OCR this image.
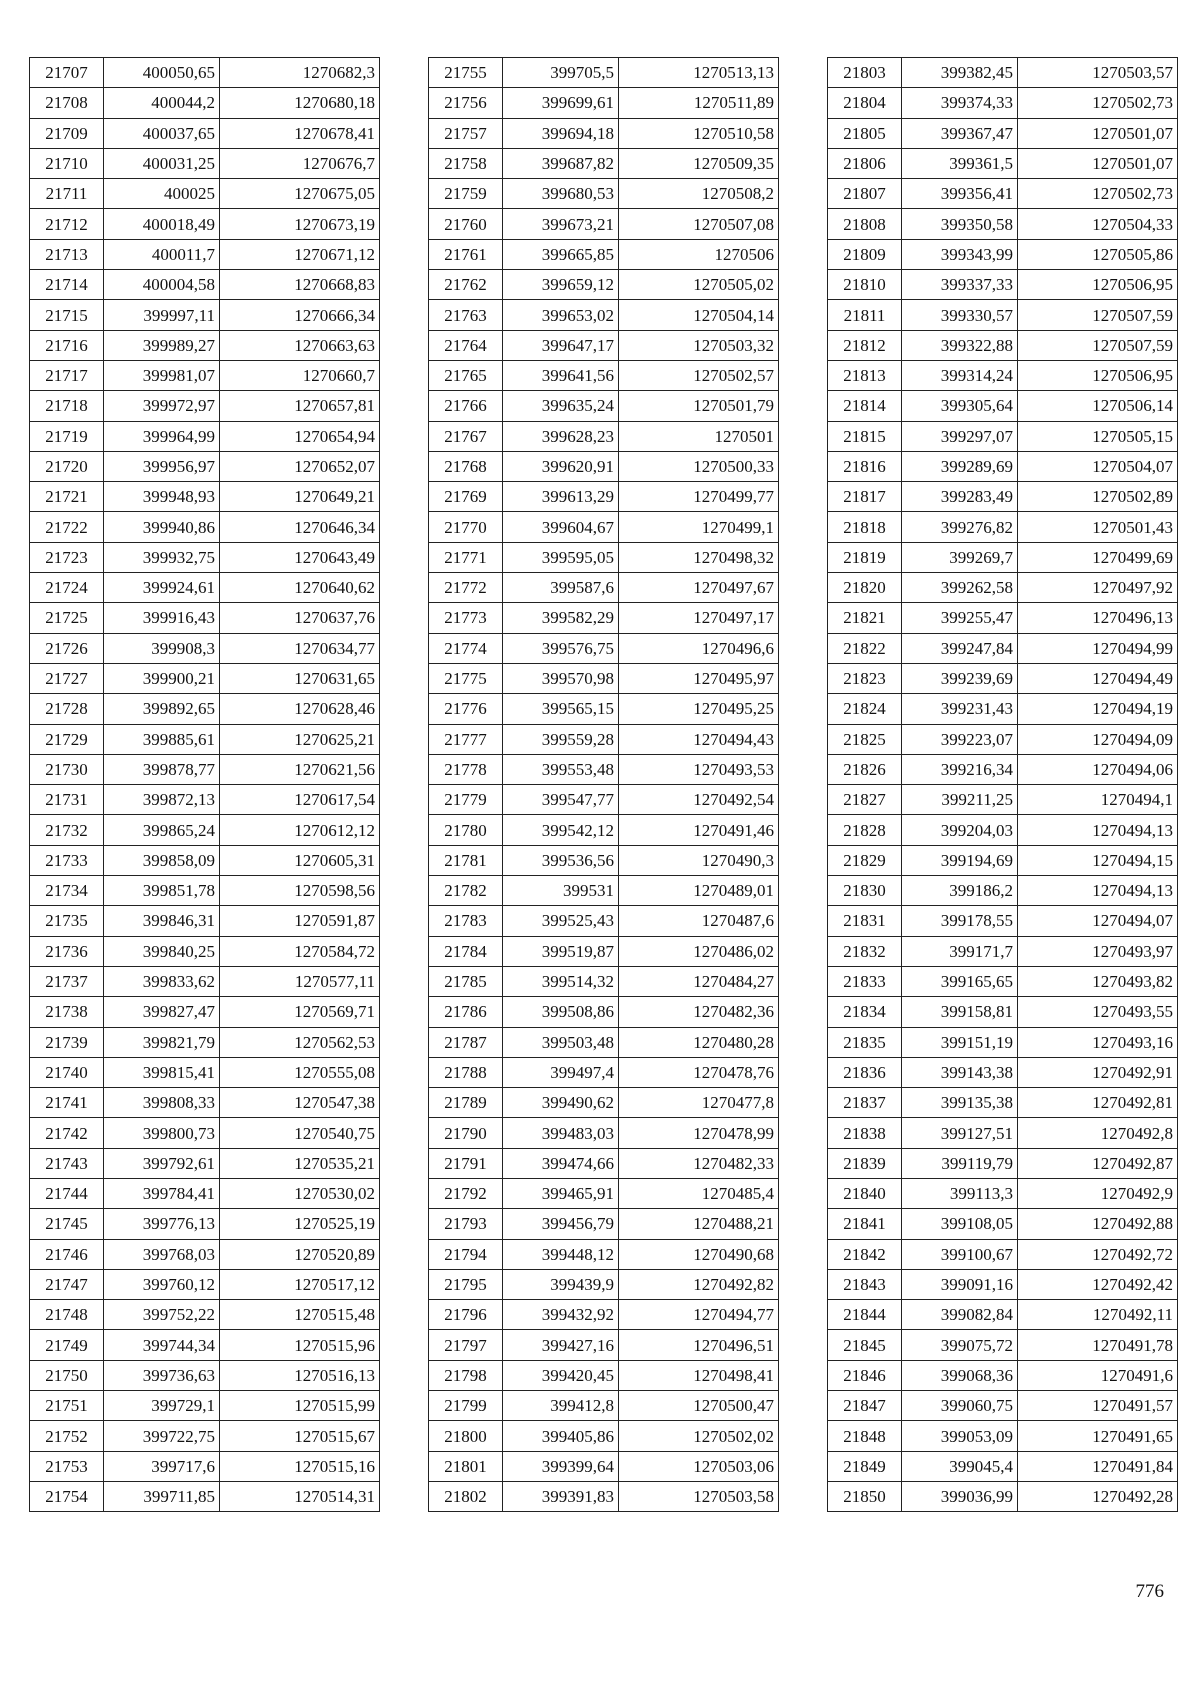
21707	400050,65	1270682,3
21708	400044,2	1270680,18
21709	400037,65	1270678,41
21710	400031,25	1270676,7
21711	400025	1270675,05
21712	400018,49	1270673,19
21713	400011,7	1270671,12
21714	400004,58	1270668,83
21715	399997,11	1270666,34
21716	399989,27	1270663,63
21717	399981,07	1270660,7
21718	399972,97	1270657,81
21719	399964,99	1270654,94
21720	399956,97	1270652,07
21721	399948,93	1270649,21
21722	399940,86	1270646,34
21723	399932,75	1270643,49
21724	399924,61	1270640,62
21725	399916,43	1270637,76
21726	399908,3	1270634,77
21727	399900,21	1270631,65
21728	399892,65	1270628,46
21729	399885,61	1270625,21
21730	399878,77	1270621,56
21731	399872,13	1270617,54
21732	399865,24	1270612,12
21733	399858,09	1270605,31
21734	399851,78	1270598,56
21735	399846,31	1270591,87
21736	399840,25	1270584,72
21737	399833,62	1270577,11
21738	399827,47	1270569,71
21739	399821,79	1270562,53
21740	399815,41	1270555,08
21741	399808,33	1270547,38
21742	399800,73	1270540,75
21743	399792,61	1270535,21
21744	399784,41	1270530,02
21745	399776,13	1270525,19
21746	399768,03	1270520,89
21747	399760,12	1270517,12
21748	399752,22	1270515,48
21749	399744,34	1270515,96
21750	399736,63	1270516,13
21751	399729,1	1270515,99
21752	399722,75	1270515,67
21753	399717,6	1270515,16
21754	399711,85	1270514,31
21755	399705,5	1270513,13
21756	399699,61	1270511,89
21757	399694,18	1270510,58
21758	399687,82	1270509,35
21759	399680,53	1270508,2
21760	399673,21	1270507,08
21761	399665,85	1270506
21762	399659,12	1270505,02
21763	399653,02	1270504,14
21764	399647,17	1270503,32
21765	399641,56	1270502,57
21766	399635,24	1270501,79
21767	399628,23	1270501
21768	399620,91	1270500,33
21769	399613,29	1270499,77
21770	399604,67	1270499,1
21771	399595,05	1270498,32
21772	399587,6	1270497,67
21773	399582,29	1270497,17
21774	399576,75	1270496,6
21775	399570,98	1270495,97
21776	399565,15	1270495,25
21777	399559,28	1270494,43
21778	399553,48	1270493,53
21779	399547,77	1270492,54
21780	399542,12	1270491,46
21781	399536,56	1270490,3
21782	399531	1270489,01
21783	399525,43	1270487,6
21784	399519,87	1270486,02
21785	399514,32	1270484,27
21786	399508,86	1270482,36
21787	399503,48	1270480,28
21788	399497,4	1270478,76
21789	399490,62	1270477,8
21790	399483,03	1270478,99
21791	399474,66	1270482,33
21792	399465,91	1270485,4
21793	399456,79	1270488,21
21794	399448,12	1270490,68
21795	399439,9	1270492,82
21796	399432,92	1270494,77
21797	399427,16	1270496,51
21798	399420,45	1270498,41
21799	399412,8	1270500,47
21800	399405,86	1270502,02
21801	399399,64	1270503,06
21802	399391,83	1270503,58
21803	399382,45	1270503,57
21804	399374,33	1270502,73
21805	399367,47	1270501,07
21806	399361,5	1270501,07
21807	399356,41	1270502,73
21808	399350,58	1270504,33
21809	399343,99	1270505,86
21810	399337,33	1270506,95
21811	399330,57	1270507,59
21812	399322,88	1270507,59
21813	399314,24	1270506,95
21814	399305,64	1270506,14
21815	399297,07	1270505,15
21816	399289,69	1270504,07
21817	399283,49	1270502,89
21818	399276,82	1270501,43
21819	399269,7	1270499,69
21820	399262,58	1270497,92
21821	399255,47	1270496,13
21822	399247,84	1270494,99
21823	399239,69	1270494,49
21824	399231,43	1270494,19
21825	399223,07	1270494,09
21826	399216,34	1270494,06
21827	399211,25	1270494,1
21828	399204,03	1270494,13
21829	399194,69	1270494,15
21830	399186,2	1270494,13
21831	399178,55	1270494,07
21832	399171,7	1270493,97
21833	399165,65	1270493,82
21834	399158,81	1270493,55
21835	399151,19	1270493,16
21836	399143,38	1270492,91
21837	399135,38	1270492,81
21838	399127,51	1270492,8
21839	399119,79	1270492,87
21840	399113,3	1270492,9
21841	399108,05	1270492,88
21842	399100,67	1270492,72
21843	399091,16	1270492,42
21844	399082,84	1270492,11
21845	399075,72	1270491,78
21846	399068,36	1270491,6
21847	399060,75	1270491,57
21848	399053,09	1270491,65
21849	399045,4	1270491,84
21850	399036,99	1270492,28
776
